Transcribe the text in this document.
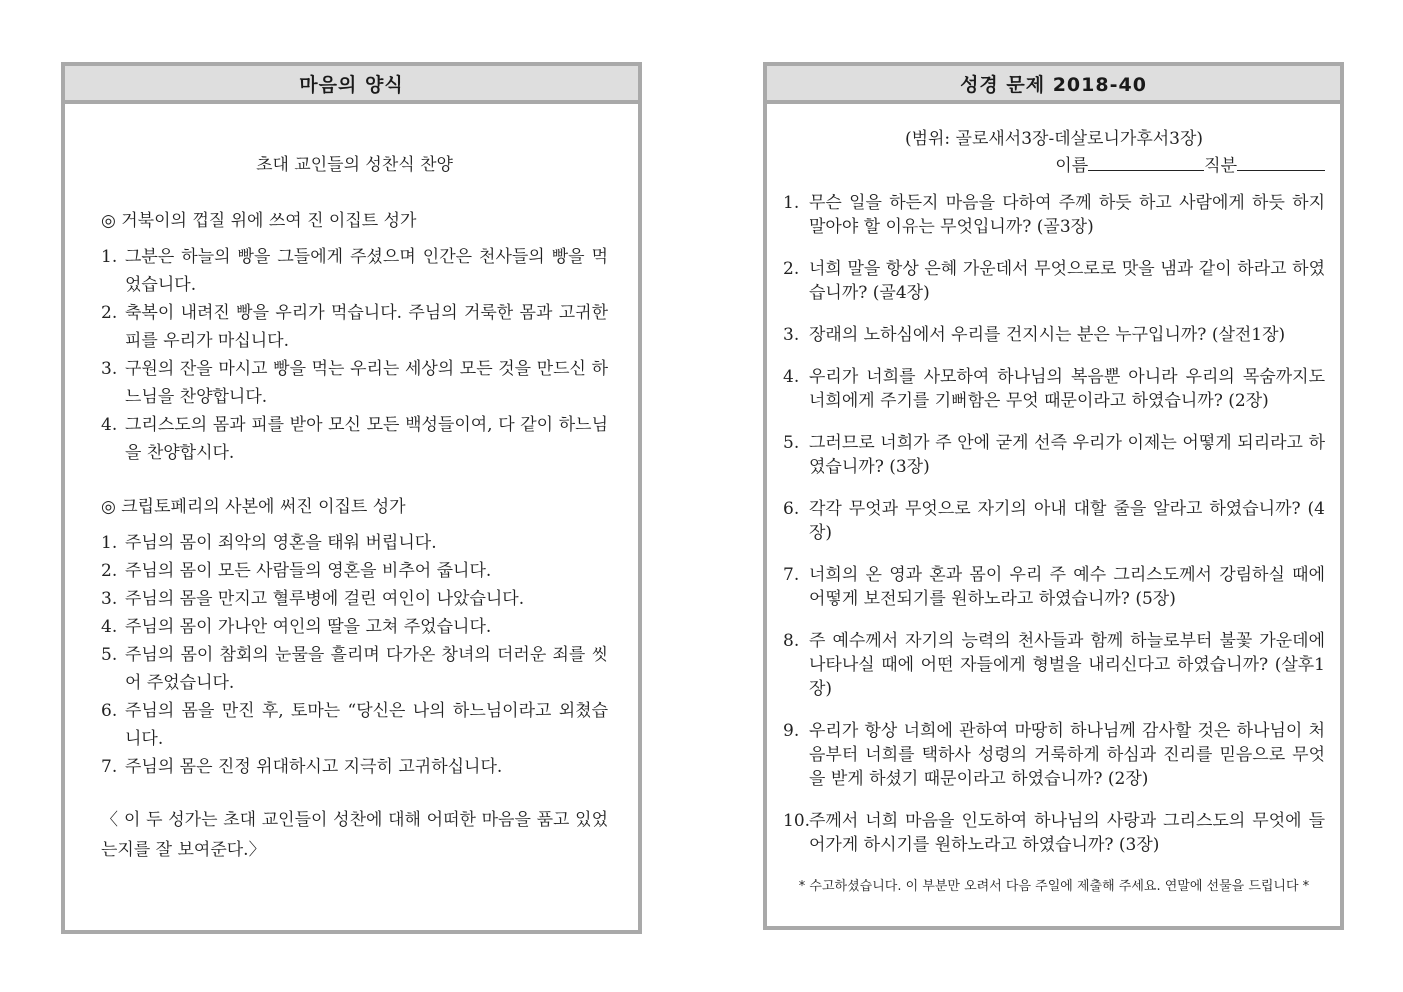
마음의 양식
초대 교인들의 성찬식 찬양
◎ 거북이의 껍질 위에 쓰여 진 이집트 성가
1. 그분은 하늘의 빵을 그들에게 주셨으며 인간은 천사들의 빵을 먹었습니다.
2. 축복이 내려진 빵을 우리가 먹습니다. 주님의 거룩한 몸과 고귀한 피를 우리가 마십니다.
3. 구원의 잔을 마시고 빵을 먹는 우리는 세상의 모든 것을 만드신 하느님을 찬양합니다.
4. 그리스도의 몸과 피를 받아 모신 모든 백성들이여, 다 같이 하느님을 찬양합시다.
◎ 크립토페리의 사본에 써진 이집트 성가
1. 주님의 몸이 죄악의 영혼을 태워 버립니다.
2. 주님의 몸이 모든 사람들의 영혼을 비추어 줍니다.
3. 주님의 몸을 만지고 혈루병에 걸린 여인이 나았습니다.
4. 주님의 몸이 가나안 여인의 딸을 고쳐 주었습니다.
5. 주님의 몸이 참회의 눈물을 흘리며 다가온 창녀의 더러운 죄를 씻어 주었습니다.
6. 주님의 몸을 만진 후, 토마는 “당신은 나의 하느님이라고 외쳤습니다.
7. 주님의 몸은 진정 위대하시고 지극히 고귀하십니다.
〈 이 두 성가는 초대 교인들이 성찬에 대해 어떠한 마음을 품고 있었는지를 잘 보여준다.〉
성경 문제 2018-40
(범위: 골로새서3장-데살로니가후서3장)
이름	직분
1. 무슨 일을 하든지 마음을 다하여 주께 하듯 하고 사람에게 하듯 하지 말아야 할 이유는 무엇입니까? (골3장)
2. 너희 말을 항상 은혜 가운데서 무엇으로로 맛을 냄과 같이 하라고 하였습니까? (골4장)
3. 장래의 노하심에서 우리를 건지시는 분은 누구입니까? (살전1장)
4. 우리가 너희를 사모하여 하나님의 복음뿐 아니라 우리의 목숨까지도 너희에게 주기를 기뻐함은 무엇 때문이라고 하였습니까? (2장)
5. 그러므로 너희가 주 안에 굳게 선즉 우리가 이제는 어떻게 되리라고 하였습니까? (3장)
6. 각각 무엇과 무엇으로 자기의 아내 대할 줄을 알라고 하였습니까? (4장)
7. 너희의 온 영과 혼과 몸이 우리 주 예수 그리스도께서 강림하실 때에 어떻게 보전되기를 원하노라고 하였습니까? (5장)
8. 주 예수께서 자기의 능력의 천사들과 함께 하늘로부터 불꽃 가운데에 나타나실 때에 어떤 자들에게 형벌을 내리신다고 하였습니까? (살후1장)
9. 우리가 항상 너희에 관하여 마땅히 하나님께 감사할 것은 하나님이 처음부터 너희를 택하사 성령의 거룩하게 하심과 진리를 믿음으로 무엇을 받게 하셨기 때문이라고 하였습니까? (2장)
10.
주께서 너희 마음을 인도하여 하나님의 사랑과 그리스도의 무엇에 들어가게 하시기를 원하노라고 하였습니까? (3장)
* 수고하셨습니다. 이 부분만 오려서 다음 주일에 제출해 주세요. 연말에 선물을 드립니다 *
